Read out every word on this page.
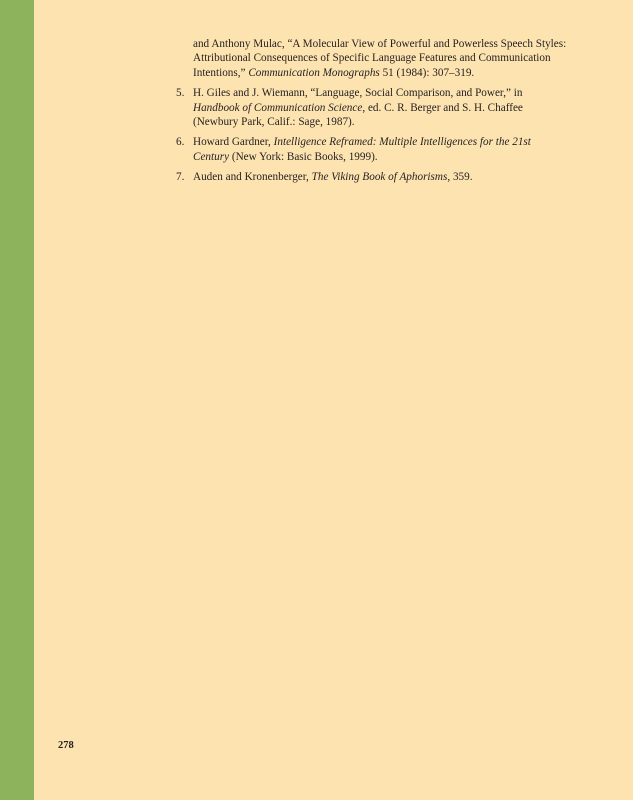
and Anthony Mulac, “A Molecular View of Powerful and Powerless Speech Styles: Attributional Consequences of Specific Language Features and Communication Intentions,” Communication Monographs 51 (1984): 307–319.
5. H. Giles and J. Wiemann, “Language, Social Comparison, and Power,” in Handbook of Communication Science, ed. C. R. Berger and S. H. Chaffee (Newbury Park, Calif.: Sage, 1987).
6. Howard Gardner, Intelligence Reframed: Multiple Intelligences for the 21st Century (New York: Basic Books, 1999).
7. Auden and Kronenberger, The Viking Book of Aphorisms, 359.
278
